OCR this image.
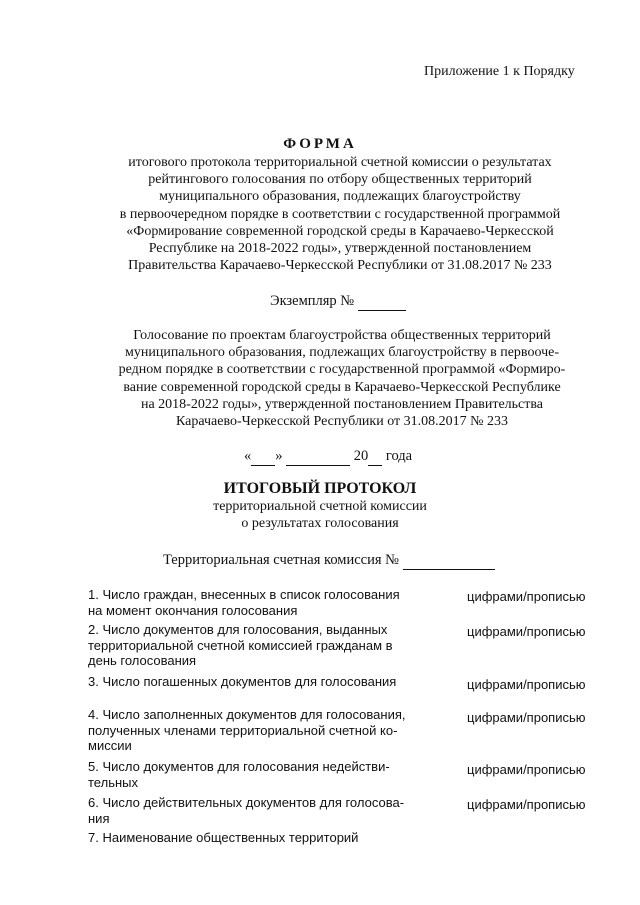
Приложение 1 к Порядку
ФОРМА
итогового протокола территориальной счетной комиссии о результатах
рейтингового голосования по отбору общественных территорий
муниципального образования, подлежащих благоустройству
в первоочередном порядке в соответствии с государственной программой
«Формирование современной городской среды в Карачаево-Черкесской
Республике на 2018-2022 годы», утвержденной постановлением
Правительства Карачаево-Черкесской Республики от 31.08.2017 № 233
Экземпляр №
Голосование по проектам благоустройства общественных территорий
муниципального образования, подлежащих благоустройству в первооче-
редном порядке в соответствии с государственной программой «Формиро-
вание современной городской среды в Карачаево-Черкесской Республике
на 2018-2022 годы», утвержденной постановлением Правительства
Карачаево-Черкесской Республики от 31.08.2017 № 233
« »	20 года
ИТОГОВЫЙ ПРОТОКОЛ
территориальной счетной комиссии
о результатах голосования
Территориальная счетная комиссия №
1. Число граждан, внесенных в список голосования
на момент окончания голосования
цифрами/прописью
2. Число документов для голосования, выданных
территориальной счетной комиссией гражданам в
день голосования
цифрами/прописью
3. Число погашенных документов для голосования	цифрами/прописью
4. Число заполненных документов для голосования,
полученных членами территориальной счетной ко-
миссии
цифрами/прописью
5. Число документов для голосования недействи-
тельных
цифрами/прописью
6. Число действительных документов для голосова-
ния
цифрами/прописью
7. Наименование общественных территорий
